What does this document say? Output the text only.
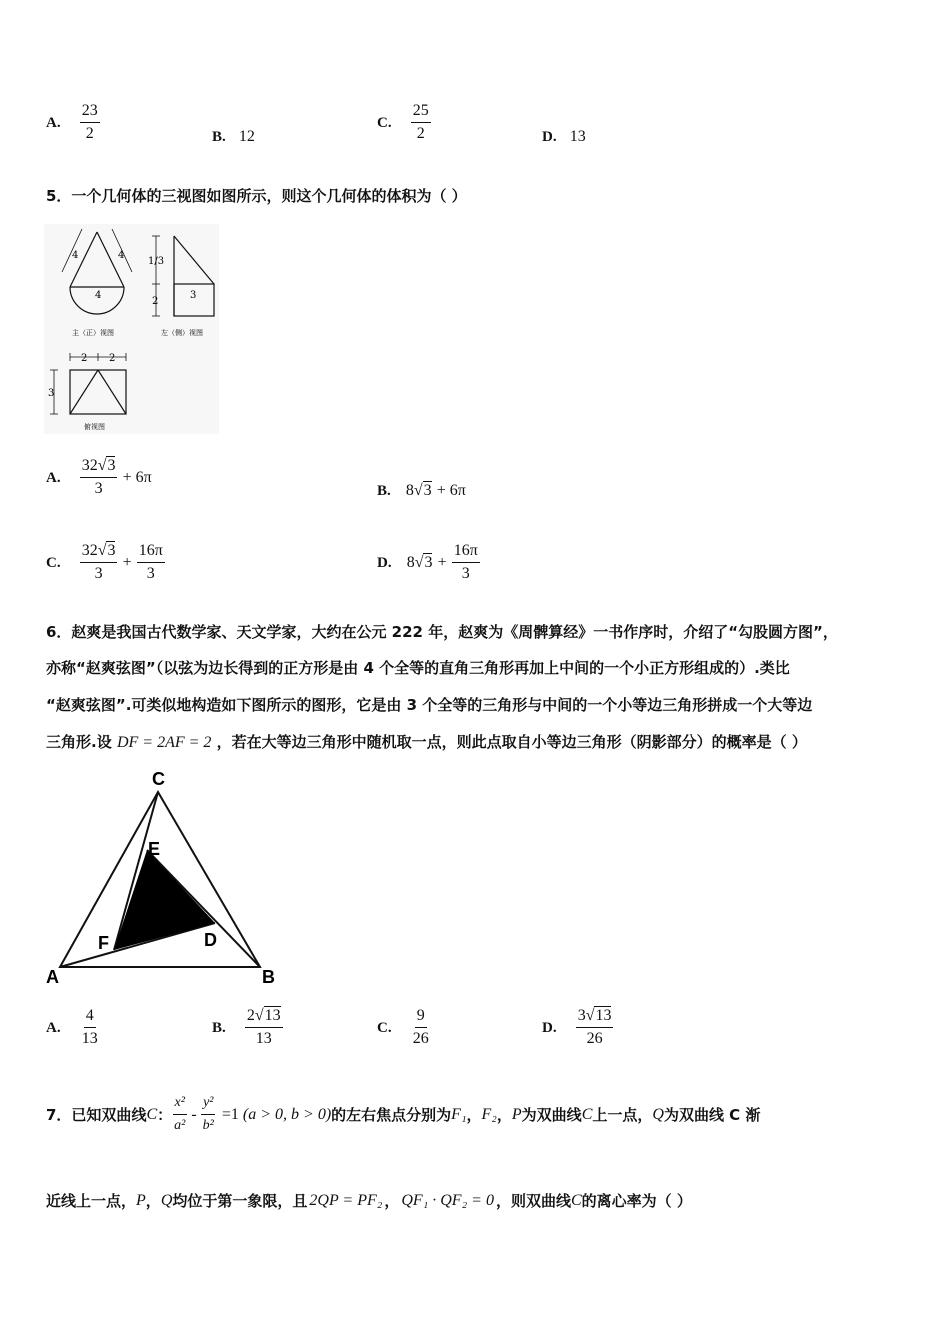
A. $\frac{23}{2}$	B. 12
C. $\frac{25}{2}$	D. 13
5．一个几何体的三视图如图所示，则这个几何体的体积为（ ）
4	4
4
主（正）视图
1/3
2
3
左（侧）视图
2 2
3
俯视图
A. $\frac{32√3}{3} + 6\pi$
B. 8√3 + 6π
C. $\frac{32√3}{3} + \frac{16\pi}{3}$	D. $8√3 + \frac{16\pi}{3}$
6．赵爽是我国古代数学家、天文学家，大约在公元 222 年，赵爽为《周髀算经》一书作序时，介绍了“勾股圆方图”，
亦称“赵爽弦图”（以弦为边长得到的正方形是由 4 个全等的直角三角形再加上中间的一个小正方形组成的）.类比
“赵爽弦图”.可类似地构造如下图所示的图形，它是由 3 个全等的三角形与中间的一个小等边三角形拼成一个大等边
三角形.设 DF = 2AF = 2 ，若在大等边三角形中随机取一点，则此点取自小等边三角形（阴影部分）的概率是（ ）
C
E
D
F
A	B
A. $\frac{4}{13}$	B. $\frac{2√13}{13}$	C. $\frac{9}{26}$	D. $\frac{3√13}{26}$
7．已知双曲线 C ： $\frac{\text{x²}}{\text{a²}} - \frac{\text{y²}}{\text{b²}} =1$ (a > 0, b > 0) 的左右焦点分别为 F₁ ， F₂ ， P 为双曲线 C 上一点， Q 为双曲线 C 渐
近线上一点， P ， Q 均位于第一象限，且 2QP = PF₂ ， QF₁ · QF₂ = 0 ，则双曲线 C 的离心率为（ ）
